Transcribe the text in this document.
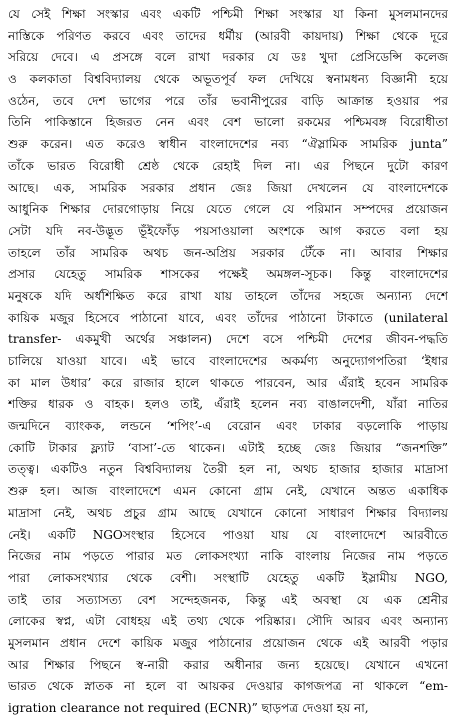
যে সেই শিক্ষা সংস্কার এবং একটি পশ্চিমী শিক্ষা সংস্কার যা কিনা মুসলমানদের
নাস্তিকে পরিণত করবে এবং তাদের ধর্মীয় (আরবী কায়দায়) শিক্ষা থেকে দূরে
সরিয়ে দেবে। এ প্রসঙ্গে বলে রাখা দরকার যে ডঃ খুদা প্রেসিডেন্সি কলেজ
ও কলকাতা বিশ্ববিদ্যালয় থেকে অভূতপূর্ব ফল দেখিয়ে স্বনামধন্য বিজ্ঞানী হয়ে
ওঠেন, তবে দেশ ভাগের পরে তাঁর ভবানীপুরের বাড়ি আক্রান্ত হওয়ার পর
তিনি পাকিস্তানে হিজরত নেন এবং বেশ ভালো রকমের পশ্চিমবঙ্গ বিরোধীতা
শুরু করেন। এত করেও স্বাধীন বাংলাদেশের নব্য “ঐস্লামিক সামরিক junta”
তাঁকে ভারত বিরোধী শ্রেষ্ঠ থেকে রেহাই দিল না। এর পিছনে দুটো কারণ
আছে। এক, সামরিক সরকার প্রধান জেঃ জিয়া দেখলেন যে বাংলাদেশকে
আধুনিক শিক্ষার দোরগোড়ায় নিয়ে যেতে গেলে যে পরিমান সম্পদের প্রয়োজন
সেটা যদি নব-উদ্ভূত ভূঁইফোঁড় পয়সাওয়ালা অংশকে আগ করতে বলা হয়
তাহলে তাঁর সামরিক অথচ জন-অপ্রিয় সরকার টেঁকে না। আবার শিক্ষার
প্রসার যেহেতু সামরিক শাসকের পক্ষেই অমঙ্গল-সূচক। কিন্তু বাংলাদেশের
মনুষকে যদি অর্ধশিক্ষিত করে রাখা যায় তাহলে তাঁদের সহজে অন্যান্য দেশে
কায়িক মজুর হিসেবে পাঠানো যাবে, এবং তাঁদের পাঠানো টাকাতে (unilateral
transfer- একমুখী অর্থের সঞ্চালন) দেশে বসে পশ্চিমী দেশের জীবন-পদ্ধতি
চালিয়ে যাওয়া যাবে। এই ভাবে বাংলাদেশের অকর্মণ্য অনুদ্যোগপতিরা ‘ইধার
কা মাল উধার’ করে রাজার হালে থাকতে পারবেন, আর এঁরাই হবেন সামরিক
শক্তির ধারক ও বাহক। হলও তাই, এঁরাই হলেন নব্য বাঙালদেশী, যাঁরা নাতির
জন্মদিনে ব্যাংকক, লন্ডনে ‘শপিং’-এ বেরোন এবং ঢাকার বড়লোকি পাড়ায়
কোটি টাকার ফ্ল্যাট ‘বাসা’-তে থাকেন। এটাই হচ্ছে জেঃ জিয়ার “জনশক্তি”
তত্ত্ব। একটিও নতুন বিশ্ববিদ্যালয় তৈরী হল না, অথচ হাজার হাজার মাদ্রাসা
শুরু হল। আজ বাংলাদেশে এমন কোনো গ্রাম নেই, যেখানে অন্তত একাধিক
মাদ্রাসা নেই, অথচ প্রচুর গ্রাম আছে যেখানে কোনো সাধারণ শিক্ষার বিদ্যালয়
নেই। একটি NGOসংস্থার হিসেবে পাওয়া যায় যে বাংলাদেশে আরবীতে
নিজের নাম পড়তে পারার মত লোকসংখ্যা নাকি বাংলায় নিজের নাম পড়তে
পারা লোকসংখ্যার থেকে বেশী। সংস্থাটি যেহেতু একটি ইস্লামীয় NGO,
তাই তার সত্যাসত্য বেশ সন্দেহজনক, কিন্তু এই অবস্থা যে এক শ্রেনীর
লোকের স্বপ্ন, এটা বোধহয় এই তথ্য থেকে পরিষ্কার। সৌদি আরব এবং অন্যান্য
মুসলমান প্রধান দেশে কায়িক মজুর পাঠানোর প্রয়োজন থেকে এই আরবী পড়ার
আর শিক্ষার পিছনে স্ব-নারী করার অধীনার জন্য হয়েছে। যেখানে এখনো
ভারত থেকে স্নাতক না হলে বা আয়কর দেওয়ার কাগজপত্র না থাকলে “em-
igration clearance not required (ECNR)” ছাড়পত্র দেওয়া হয় না,
